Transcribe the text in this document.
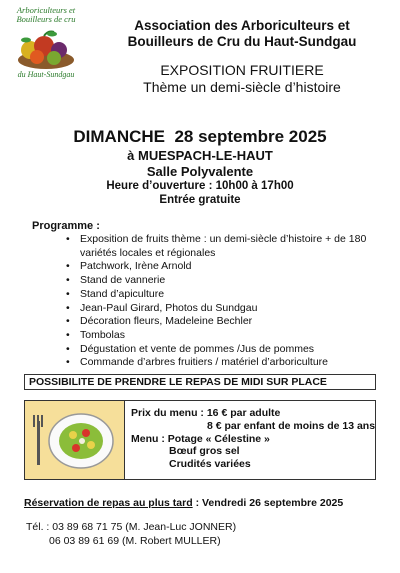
Arboriculteurs et Bouilleurs de cru
du Haut-Sundgau
Association des Arboriculteurs et
Bouilleurs de Cru du Haut-Sundgau
EXPOSITION FRUITIERE
Thème un demi-siècle d’histoire
DIMANCHE  28 septembre 2025
à MUESPACH-LE-HAUT
Salle Polyvalente
Heure d’ouverture : 10h00 à 17h00
Entrée gratuite
Programme :
• Exposition de fruits thème : un demi-siècle d’histoire + de 180 variétés locales et régionales
• Patchwork, Irène Arnold
• Stand de vannerie
• Stand d’apiculture
• Jean-Paul Girard, Photos du Sundgau
• Décoration fleurs, Madeleine Bechler
• Tombolas
• Dégustation et vente de pommes /Jus de pommes
• Commande d’arbres fruitiers / matériel d’arboriculture
POSSIBILITE DE PRENDRE LE REPAS DE MIDI SUR PLACE
Prix du menu : 16 € par adulte
8 € par enfant de moins de 13 ans
Menu : Potage « Célestine »
Bœuf gros sel
Crudités variées
Réservation de repas au plus tard : Vendredi 26 septembre 2025
Tél. : 03 89 68 71 75 (M. Jean-Luc JONNER)
06 03 89 61 69 (M. Robert MULLER)
